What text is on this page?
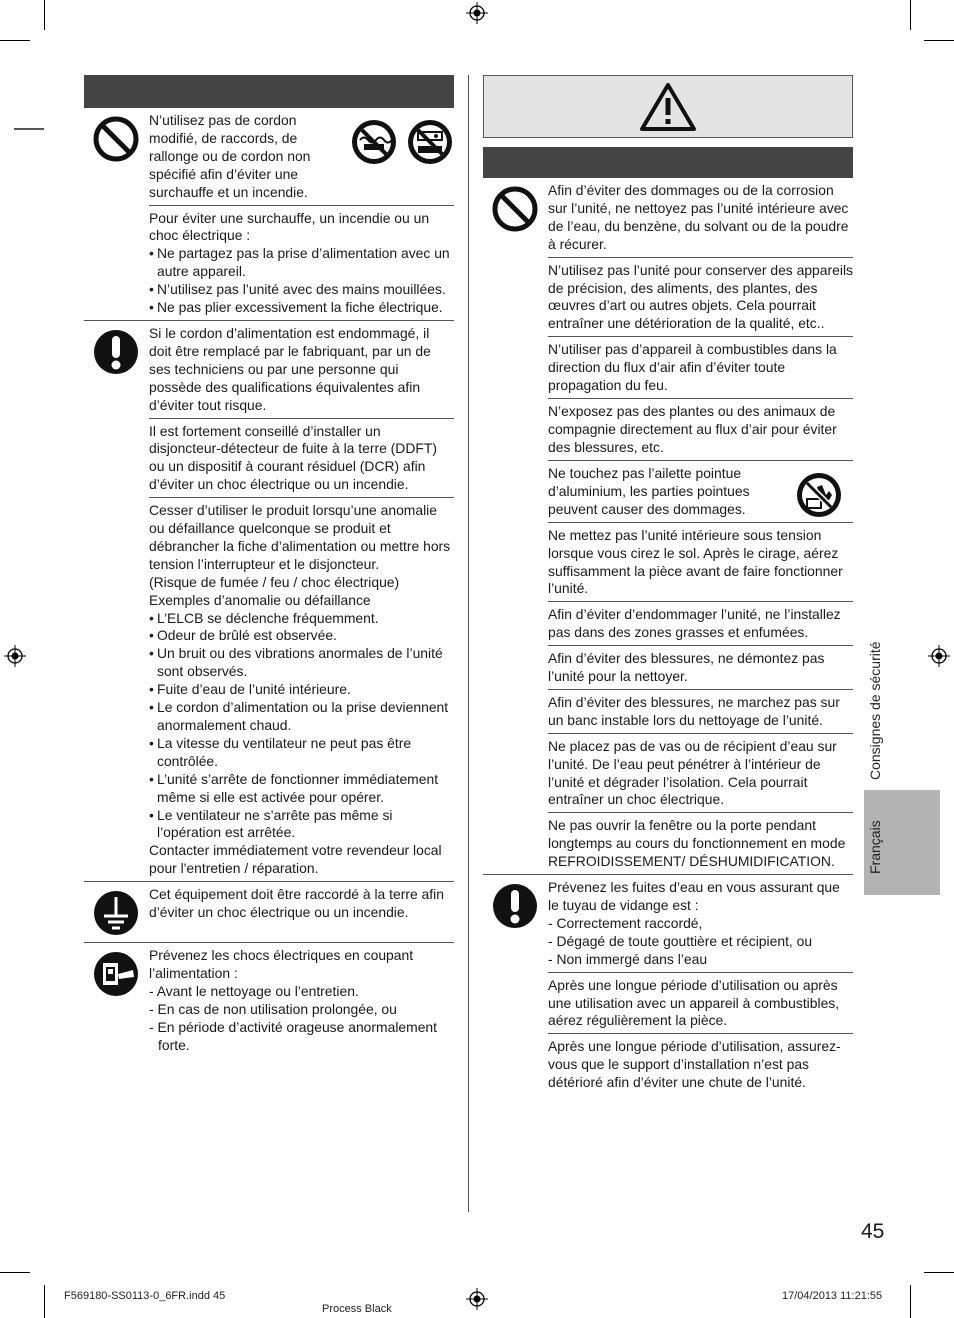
N’utilisez pas de cordon modifié, de raccords, de rallonge ou de cordon non spécifié afin d’éviter une surchauffe et un incendie.
Pour éviter une surchauffe, un incendie ou un choc électrique :
• Ne partagez pas la prise d’alimentation avec un autre appareil.
• N’utilisez pas l’unité avec des mains mouillées.
• Ne pas plier excessivement la fiche électrique.
Si le cordon d’alimentation est endommagé, il doit être remplacé par le fabriquant, par un de ses techniciens ou par une personne qui possède des qualifications équivalentes afin d’éviter tout risque.
Il est fortement conseillé d’installer un disjoncteur-détecteur de fuite à la terre (DDFT) ou un dispositif à courant résiduel (DCR) afin d’éviter un choc électrique ou un incendie.
Cesser d’utiliser le produit lorsqu’une anomalie ou défaillance quelconque se produit et débrancher la fiche d’alimentation ou mettre hors tension l’interrupteur et le disjoncteur.
(Risque de fumée / feu / choc électrique)
Exemples d’anomalie ou défaillance
• L’ELCB se déclenche fréquemment.
• Odeur de brûlé est observée.
• Un bruit ou des vibrations anormales de l’unité sont observés.
• Fuite d’eau de l’unité intérieure.
• Le cordon d’alimentation ou la prise deviennent anormalement chaud.
• La vitesse du ventilateur ne peut pas être contrôlée.
• L’unité s’arrête de fonctionner immédiatement même si elle est activée pour opérer.
• Le ventilateur ne s’arrête pas même si l’opération est arrêtée.
Contacter immédiatement votre revendeur local pour l'entretien / réparation.
Cet équipement doit être raccordé à la terre afin d’éviter un choc électrique ou un incendie.
Prévenez les chocs électriques en coupant l’alimentation :
- Avant le nettoyage ou l’entretien.
- En cas de non utilisation prolongée, ou
- En période d’activité orageuse anormalement forte.
Afin d’éviter des dommages ou de la corrosion sur l’unité, ne nettoyez pas l’unité intérieure avec de l’eau, du benzène, du solvant ou de la poudre à récurer.
N’utilisez pas l’unité pour conserver des appareils de précision, des aliments, des plantes, des œuvres d’art ou autres objets. Cela pourrait entraîner une détérioration de la qualité, etc..
N’utiliser pas d’appareil à combustibles dans la direction du flux d’air afin d’éviter toute propagation du feu.
N’exposez pas des plantes ou des animaux de compagnie directement au flux d’air pour éviter des blessures, etc.
Ne touchez pas l’ailette pointue d’aluminium, les parties pointues peuvent causer des dommages.
Ne mettez pas l’unité intérieure sous tension lorsque vous cirez le sol. Après le cirage, aérez suffisamment la pièce avant de faire fonctionner l’unité.
Afin d’éviter d’endommager l’unité, ne l’installez pas dans des zones grasses et enfumées.
Afin d’éviter des blessures, ne démontez pas l’unité pour la nettoyer.
Afin d’éviter des blessures, ne marchez pas sur un banc instable lors du nettoyage de l’unité.
Ne placez pas de vas ou de récipient d’eau sur l’unité. De l’eau peut pénétrer à l’intérieur de l’unité et dégrader l’isolation. Cela pourrait entraîner un choc électrique.
Ne pas ouvrir la fenêtre ou la porte pendant longtemps au cours du fonctionnement en mode REFROIDISSEMENT/ DÉSHUMIDIFICATION.
Prévenez les fuites d’eau en vous assurant que le tuyau de vidange est :
- Correctement raccordé,
- Dégagé de toute gouttière et récipient, ou
- Non immergé dans l’eau
Après une longue période d’utilisation ou après une utilisation avec un appareil à combustibles, aérez régulièrement la pièce.
Après une longue période d’utilisation, assurez-vous que le support d’installation n’est pas détérioré afin d’éviter une chute de l’unité.
Consignes de sécurité
Français
45
F569180-SS0113-0_6FR.indd 45
Process Black
17/04/2013 11:21:55
